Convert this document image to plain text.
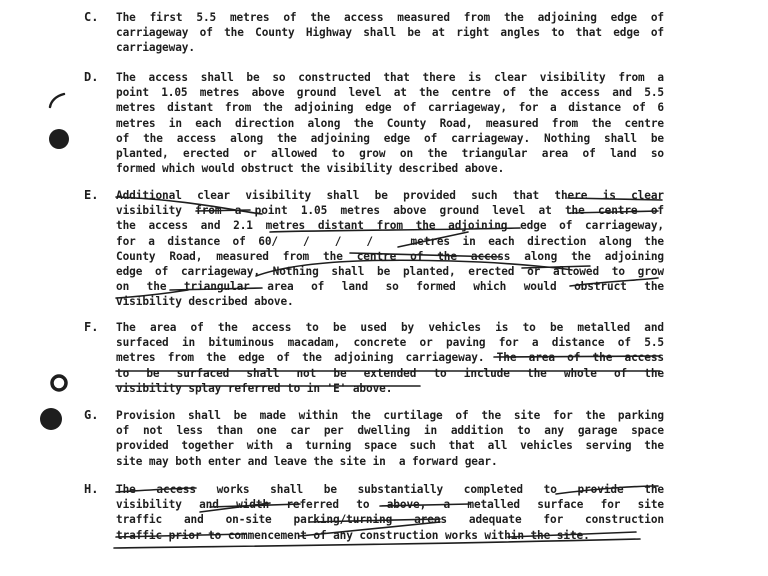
C. The first 5.5 metres of the access measured from the adjoining edge of
carriageway of the County Highway shall be at right angles to that edge of
carriageway.
D. The access shall be so constructed that there is clear visibility from a
point 1.05 metres above ground level at the centre of the access and 5.5
metres distant from the adjoining edge of carriageway, for a distance of 6
metres in each direction along the County Road, measured from the centre
of the access along the adjoining edge of carriageway. Nothing shall be
planted, erected or allowed to grow on the triangular area of land so
formed which would obstruct the visibility described above.
E. Additional clear visibility shall be provided such that there is clear
visibility from a point 1.05 metres above ground level at the centre of
the access and 2.1 metres distant from the adjoining edge of carriageway,
for a distance of 60/  /  /  /   metres in each direction along the
County Road, measured from the centre of the access along the adjoining
edge of carriageway. Nothing shall be planted, erected or allowed to grow
on the triangular area of land so formed which would obstruct the
visibility described above.
F. The area of the access to be used by vehicles is to be metalled and
surfaced in bituminous macadam, concrete or paving for a distance of 5.5
metres from the edge of the adjoining carriageway. The area of the access
to be surfaced shall not be extended to include the whole of the
visibility splay referred to in 'E' above.
G. Provision shall be made within the curtilage of the site for the parking
of not less than one car per dwelling in addition to any garage space
provided together with a turning space such that all vehicles serving the
site may both enter and leave the site in  a forward gear.
H. The access works shall be substantially completed to provide the
visibility and width referred to above, a metalled surface for site
traffic and on-site parking/turning areas adequate for construction
traffic prior to commencement of any construction works within the site.
